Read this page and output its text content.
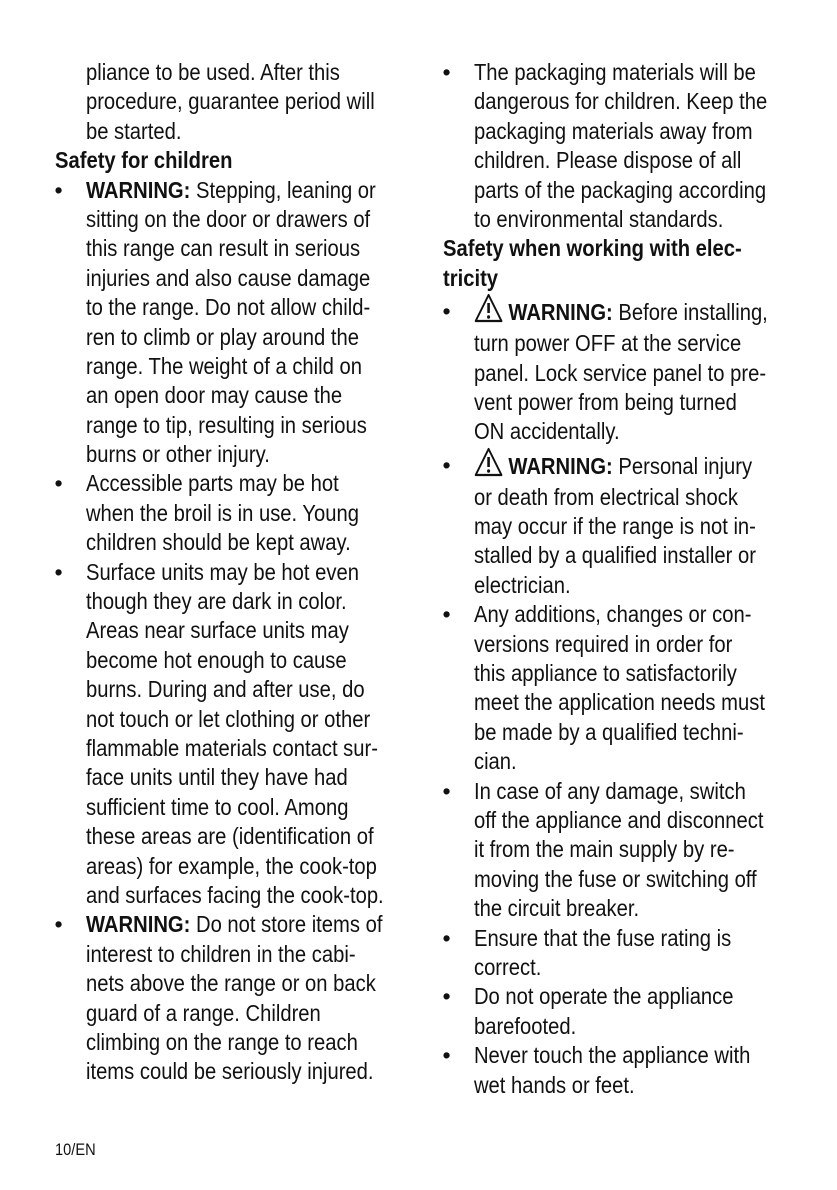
pliance to be used. After this
procedure, guarantee period will
be started.
Safety for children
• WARNING: Stepping, leaning or
sitting on the door or drawers of
this range can result in serious
injuries and also cause damage
to the range. Do not allow child-
ren to climb or play around the
range. The weight of a child on
an open door may cause the
range to tip, resulting in serious
burns or other injury.
• Accessible parts may be hot
when the broil is in use. Young
children should be kept away.
• Surface units may be hot even
though they are dark in color.
Areas near surface units may
become hot enough to cause
burns. During and after use, do
not touch or let clothing or other
flammable materials contact sur-
face units until they have had
sufficient time to cool. Among
these areas are (identification of
areas) for example, the cook-top
and surfaces facing the cook-top.
• WARNING: Do not store items of
interest to children in the cabi-
nets above the range or on back
guard of a range. Children
climbing on the range to reach
items could be seriously injured.
• The packaging materials will be
dangerous for children. Keep the
packaging materials away from
children. Please dispose of all
parts of the packaging according
to environmental standards.
Safety when working with elec-
tricity
• WARNING: Before installing,
turn power OFF at the service
panel. Lock service panel to pre-
vent power from being turned
ON accidentally.
• WARNING: Personal injury
or death from electrical shock
may occur if the range is not in-
stalled by a qualified installer or
electrician.
• Any additions, changes or con-
versions required in order for
this appliance to satisfactorily
meet the application needs must
be made by a qualified techni-
cian.
• In case of any damage, switch
off the appliance and disconnect
it from the main supply by re-
moving the fuse or switching off
the circuit breaker.
• Ensure that the fuse rating is
correct.
• Do not operate the appliance
barefooted.
• Never touch the appliance with
wet hands or feet.
10/EN
